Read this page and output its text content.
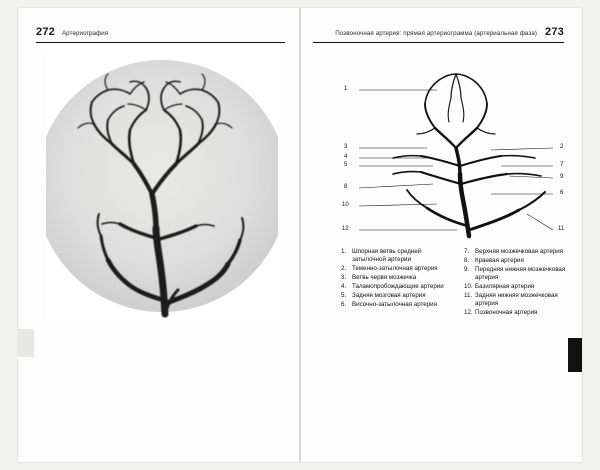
272 Артериография	Позвоночная артерия: прямая артериограмма (артериальная фаза) 273
1
3
4
5
8
10
12
2
7
9
6
11
1. Шпорная ветвь средней затылочной артерии
2. Теменно-затылочная артерия
3. Ветвь червя мозжечка
4. Таламопробождающие артерии
5. Задняя мозговая артерия
6. Височно-затылочная артерия
7. Верхняя мозжечковая артерия
8. Краевая артерия
9. Передняя нижняя мозжечковая артерия
10. Базилярная артерия
11. Задняя нижняя мозжечковая артерия
12. Позвоночная артерия
